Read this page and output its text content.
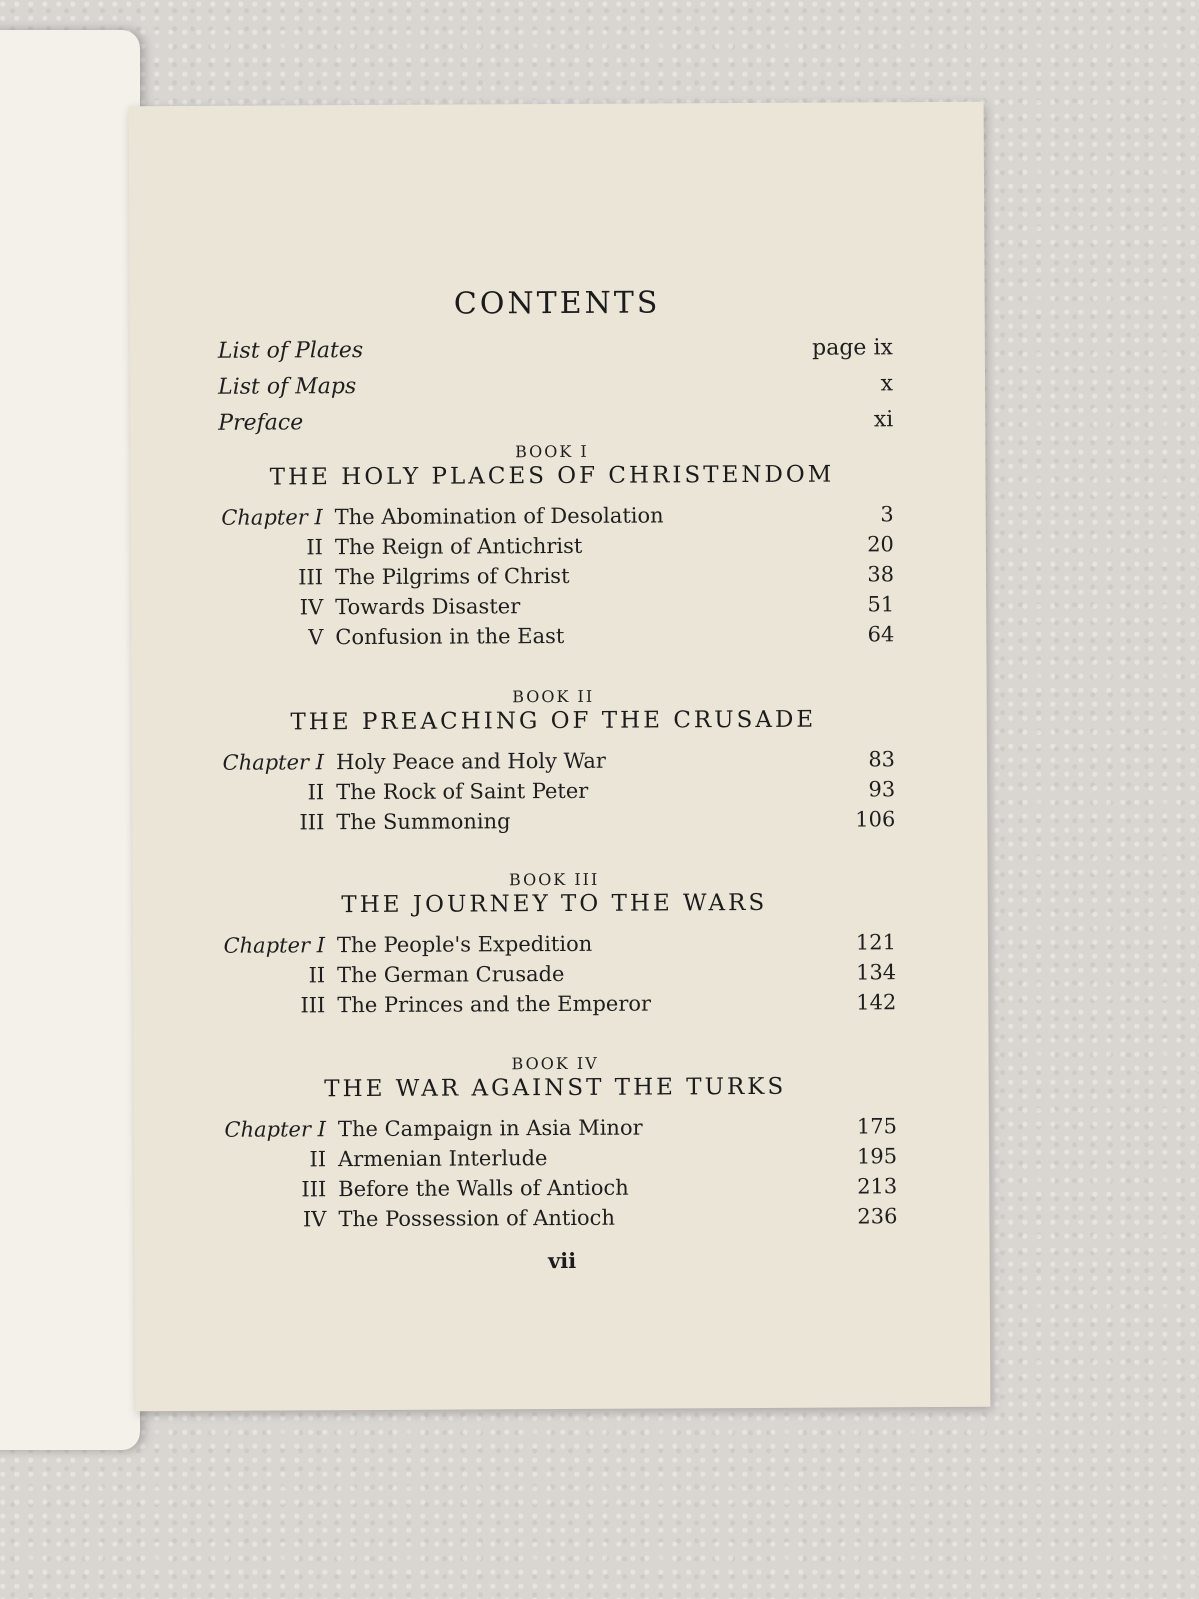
CONTENTS
List of Plates	page ix
List of Maps	x
Preface	xi
BOOK I
THE HOLY PLACES OF CHRISTENDOM
Chapter I The Abomination of Desolation	3
II The Reign of Antichrist	20
III The Pilgrims of Christ	38
IV Towards Disaster	51
V Confusion in the East	64
BOOK II
THE PREACHING OF THE CRUSADE
Chapter I Holy Peace and Holy War	83
II The Rock of Saint Peter	93
III The Summoning	106
BOOK III
THE JOURNEY TO THE WARS
Chapter I The People's Expedition	121
II The German Crusade	134
III The Princes and the Emperor	142
BOOK IV
THE WAR AGAINST THE TURKS
Chapter I The Campaign in Asia Minor	175
II Armenian Interlude	195
III Before the Walls of Antioch	213
IV The Possession of Antioch	236
vii
